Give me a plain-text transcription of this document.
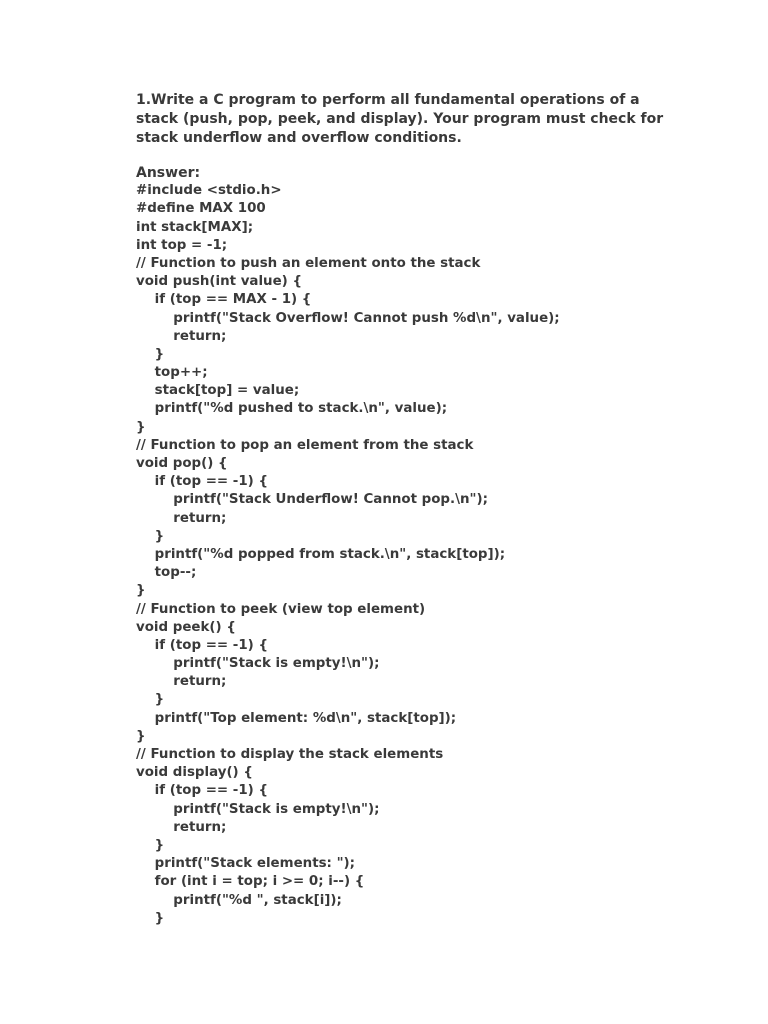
1.Write a C program to perform all fundamental operations of a
stack (push, pop, peek, and display). Your program must check for
stack underflow and overflow conditions.

Answer:
#include <stdio.h>
#define MAX 100
int stack[MAX];
int top = -1;
// Function to push an element onto the stack
void push(int value) {
if (top == MAX - 1) {
printf("Stack Overflow! Cannot push %d\n", value);
return;
}
top++;
stack[top] = value;
printf("%d pushed to stack.\n", value);
}
// Function to pop an element from the stack
void pop() {
if (top == -1) {
printf("Stack Underflow! Cannot pop.\n");
return;
}
printf("%d popped from stack.\n", stack[top]);
top--;
}
// Function to peek (view top element)
void peek() {
if (top == -1) {
printf("Stack is empty!\n");
return;
}
printf("Top element: %d\n", stack[top]);
}
// Function to display the stack elements
void display() {
if (top == -1) {
printf("Stack is empty!\n");
return;
}
printf("Stack elements: ");
for (int i = top; i >= 0; i--) {
printf("%d ", stack[i]);
}
